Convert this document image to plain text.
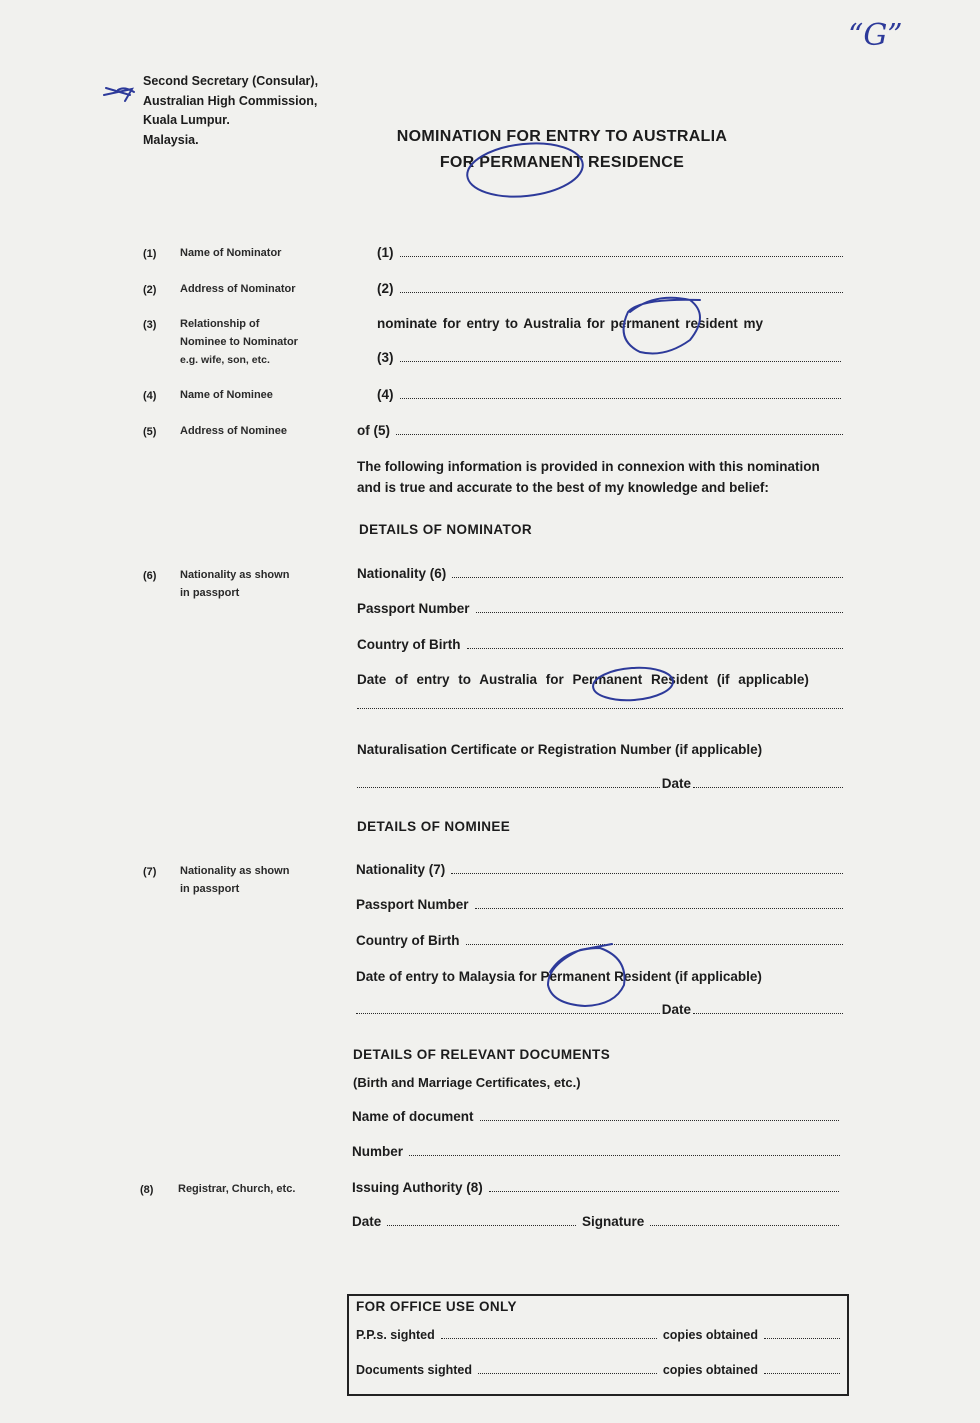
“G”
Second Secretary (Consular),
Australian High Commission,
Kuala Lumpur.
Malaysia.	NOMINATION FOR ENTRY TO AUSTRALIA
FOR PERMANENT RESIDENCE
(1) Name of Nominator
(2) Address of Nominator
(3) Relationship of
Nominee to Nominator
e.g. wife, son, etc.
(4) Name of Nominee
(5) Address of Nominee
(6) Nationality as shown
in passport
(7) Nationality as shown
in passport
(8) Registrar, Church, etc.
(1)
(2)
nominate for entry to Australia for permanent resident my
(3)
(4)
of (5)
The following information is provided in connexion with this nomination and is true and accurate to the best of my knowledge and belief:
DETAILS OF NOMINATOR
Nationality (6)
Passport Number
Country of Birth
Date of entry to Australia for Permanent Resident (if applicable)
Naturalisation Certificate or Registration Number (if applicable)
Date
DETAILS OF NOMINEE
Nationality (7)
Passport Number
Country of Birth
Date of entry to Malaysia for Permanent Resident (if applicable)
Date
DETAILS OF RELEVANT DOCUMENTS
(Birth and Marriage Certificates, etc.)
Name of document
Number
Issuing Authority (8)
Date	Signature
FOR OFFICE USE ONLY
P.P.s. sighted	copies obtained
Documents sighted	copies obtained
